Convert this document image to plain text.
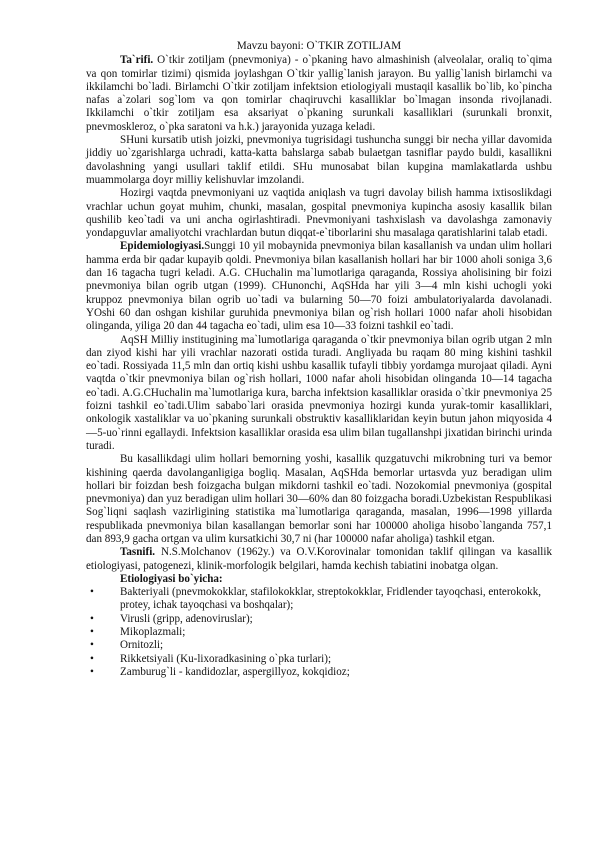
Mavzu bayoni: O`TKIR ZOTILJAM

Ta`rifi. O`tkir zotiljam (pnevmoniya) - o`pkaning havo almashinish (alveolalar, oraliq to`qima va qon tomirlar tizimi) qismida joylashgan O`tkir yallig`lanish jarayon. Bu yallig`lanish birlamchi va ikkilamchi bo`ladi. Birlamchi O`tkir zotiljam infektsion etiologiyali mustaqil kasallik bo`lib, ko`pincha nafas a`zolari sog`lom va qon tomirlar chaqiruvchi kasalliklar bo`lmagan insonda rivojlanadi. Ikkilamchi o`tkir zotiljam esa aksariyat o`pkaning surunkali kasalliklari (surunkali bronxit, pnevmoskleroz, o`pka saratoni va h.k.) jarayonida yuzaga keladi.

SHuni kursatib utish joizki, pnevmoniya tugrisidagi tushuncha sunggi bir necha yillar davomida jiddiy uo`zgarishlarga uchradi, katta-katta bahslarga sabab bulaetgan tasniflar paydo buldi, kasallikni davolashning yangi usullari taklif etildi. SHu munosabat bilan kupgina mamlakatlarda ushbu muammolarga doyr milliy kelishuvlar imzolandi.

Hozirgi vaqtda pnevmoniyani uz vaqtida aniqlash va tugri davolay bilish hamma ixtisoslikdagi vrachlar uchun goyat muhim, chunki, masalan, gospital pnevmoniya kupincha asosiy kasallik bilan qushilib keo`tadi va uni ancha ogirlashtiradi. Pnevmoniyani tashxislash va davolashga zamonaviy yondapguvlar amaliyotchi vrachlardan butun diqqat-e`tiborlarini shu masalaga qaratishlarini talab etadi.

Epidemiologiyasi.Sunggi 10 yil mobaynida pnevmoniya bilan kasallanish va undan ulim hollari hamma erda bir qadar kupayib qoldi. Pnevmoniya bilan kasallanish hollari har bir 1000 aholi soniga 3,6 dan 16 tagacha tugri keladi. A.G. CHuchalin ma`lumotlariga qaraganda, Rossiya aholisining bir foizi pnevmoniya bilan ogrib utgan (1999). CHunonchi, AqSHda har yili 3—4 mln kishi uchogli yoki kruppoz pnevmoniya bilan ogrib uo`tadi va bularning 50—70 foizi ambulatoriyalarda davolanadi. YOshi 60 dan oshgan kishilar guruhida pnevmoniya bilan og`rish hollari 1000 nafar aholi hisobidan olinganda, yiliga 20 dan 44 tagacha eo`tadi, ulim esa 10—33 foizni tashkil eo`tadi.

AqSH Milliy institugining ma`lumotlariga qaraganda o`tkir pnevmoniya bilan ogrib utgan 2 mln dan ziyod kishi har yili vrachlar nazorati ostida turadi. Angliyada bu raqam 80 ming kishini tashkil eo`tadi. Rossiyada 11,5 mln dan ortiq kishi ushbu kasallik tufayli tibbiy yordamga murojaat qiladi. Ayni vaqtda o`tkir pnevmoniya bilan og`rish hollari, 1000 nafar aholi hisobidan olinganda 10—14 tagacha eo`tadi. A.G.CHuchalin ma`lumotlariga kura, barcha infektsion kasalliklar orasida o`tkir pnevmoniya 25 foizni tashkil eo`tadi.Ulim sababo`lari orasida pnevmoniya hozirgi kunda yurak-tomir kasalliklari, onkologik xastaliklar va uo`pkaning surunkali obstruktiv kasalliklaridan keyin butun jahon miqyosida 4—5-uo`rinni egallaydi. Infektsion kasalliklar orasida esa ulim bilan tugallanshpi jixatidan birinchi urinda turadi.

Bu kasallikdagi ulim hollari bemorning yoshi, kasallik quzgatuvchi mikrobning turi va bemor kishining qaerda davolanganligiga bogliq. Masalan, AqSHda bemorlar urtasvda yuz beradigan ulim hollari bir foizdan besh foizgacha bulgan mikdorni tashkil eo`tadi. Nozokomial pnevmoniya (gospital pnevmoniya) dan yuz beradigan ulim hollari 30—60% dan 80 foizgacha boradi.Uzbekistan Respublikasi Sog`liqni saqlash vazirligining statistika ma`lumotlariga qaraganda, masalan, 1996—1998 yillarda respublikada pnevmoniya bilan kasallangan bemorlar soni har 100000 aholiga hisobo`langanda 757,1 dan 893,9 gacha ortgan va ulim kursatkichi 30,7 ni (har 100000 nafar aholiga) tashkil etgan.

Tasnifi. N.S.Molchanov (1962y.) va O.V.Korovinalar tomonidan taklif qilingan va kasallik etiologiyasi, patogenezi, klinik-morfologik belgilari, hamda kechish tabiatini inobatga olgan.

Etiologiyasi bo`yicha:

• Bakteriyali (pnevmokokklar, stafilokokklar, streptokokklar, Fridlender tayoqchasi, enterokokk, protey, ichak tayoqchasi va boshqalar);
• Virusli (gripp, adenoviruslar);
• Mikoplazmali;
• Ornitozli;
• Rikketsiyali (Ku-lixoradkasining o`pka turlari);
• Zamburug`li - kandidozlar, aspergillyoz, kokqidioz;
